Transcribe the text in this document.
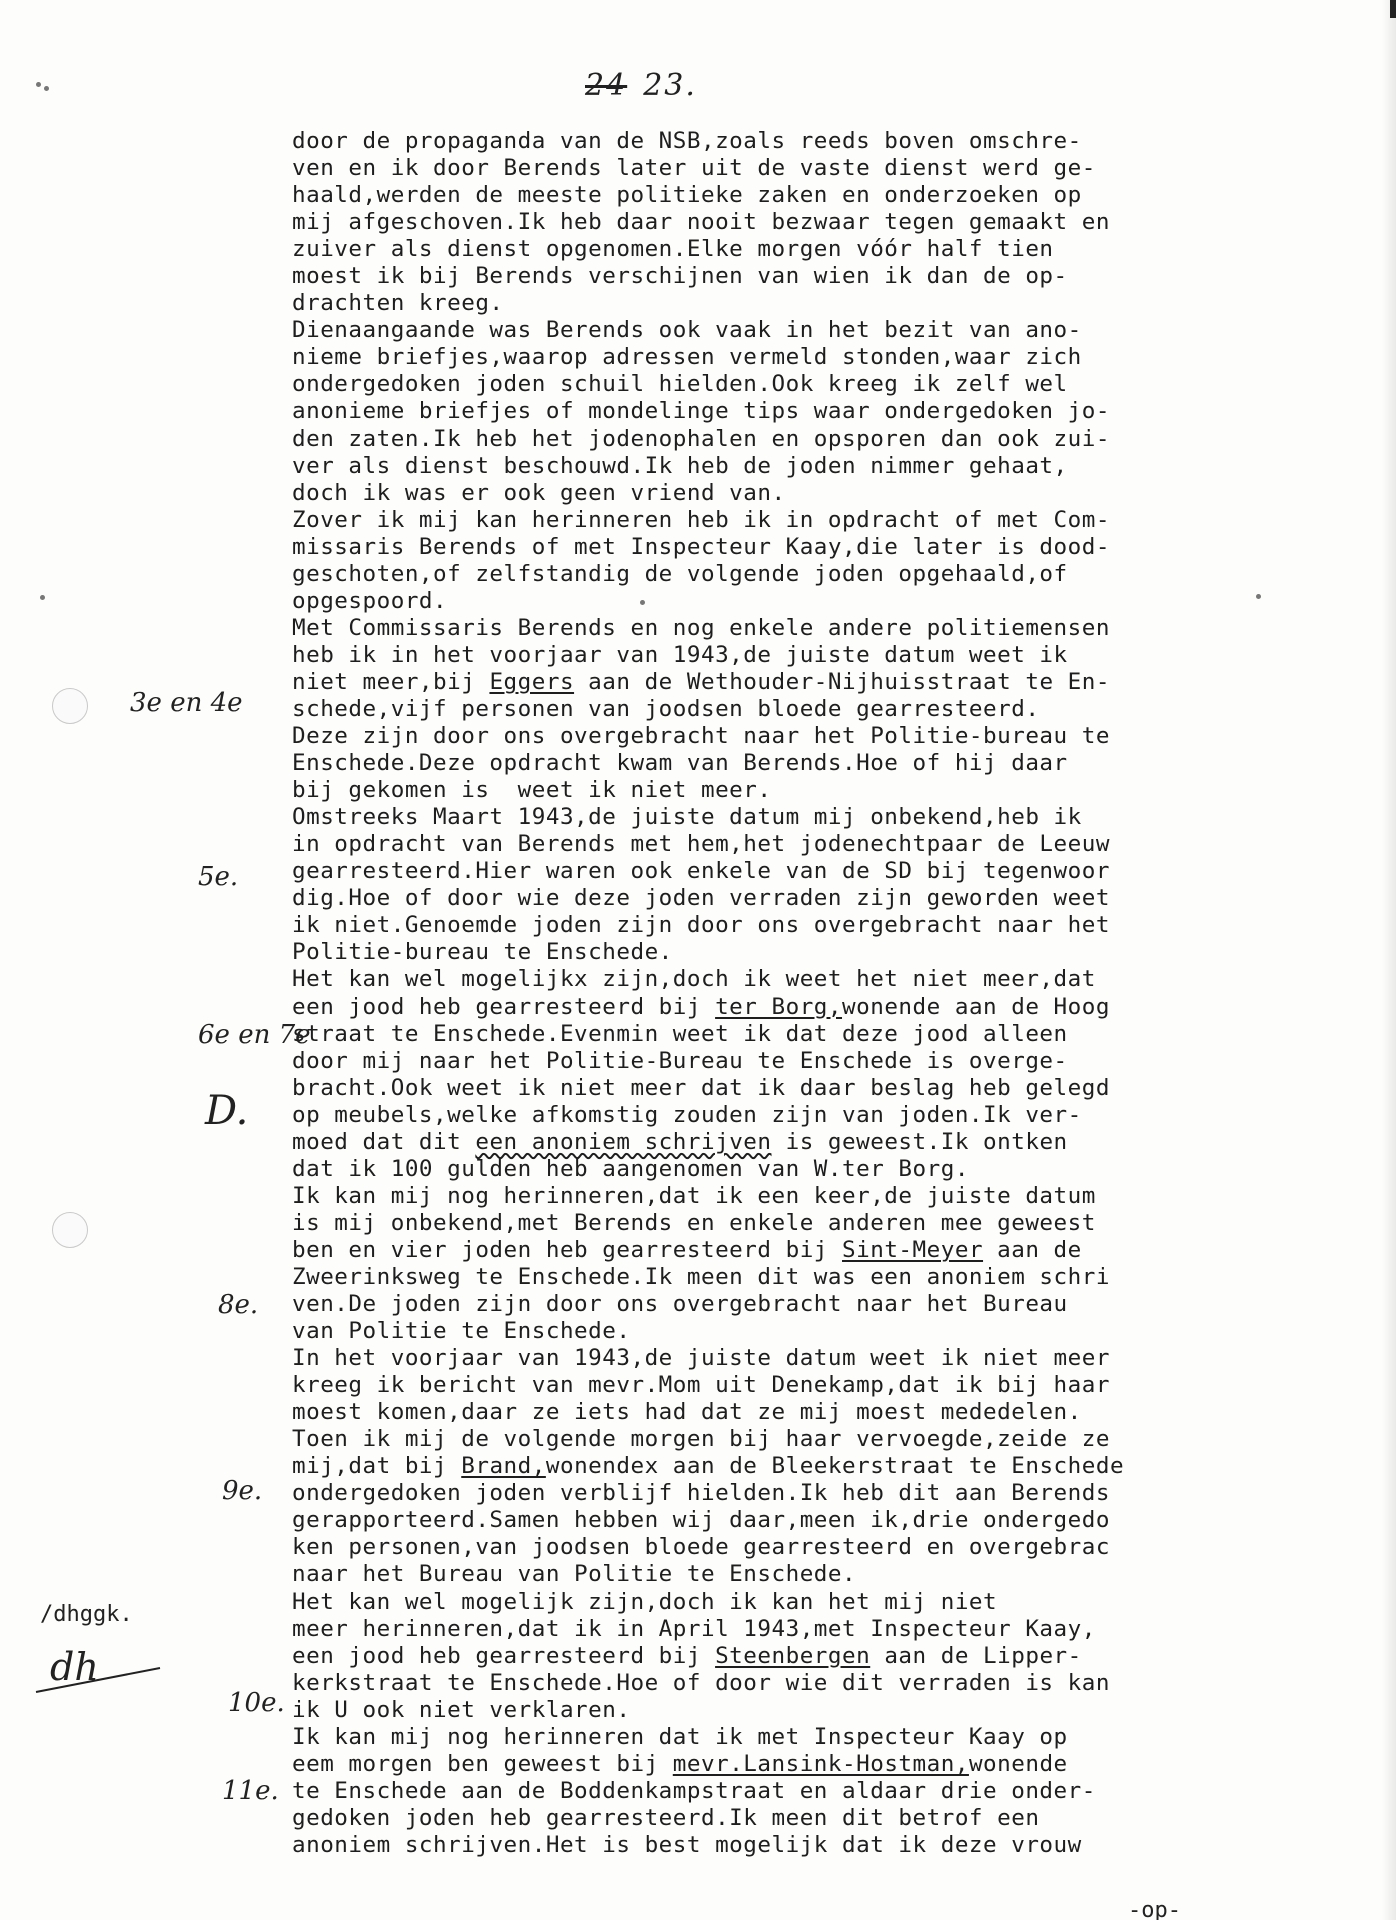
24 23.
door de propaganda van de NSB,zoals reeds boven omschre-
ven en ik door Berends later uit de vaste dienst werd ge-
haald,werden de meeste politieke zaken en onderzoeken op
mij afgeschoven.Ik heb daar nooit bezwaar tegen gemaakt en
zuiver als dienst opgenomen.Elke morgen vóór half tien
moest ik bij Berends verschijnen van wien ik dan de op-
drachten kreeg.
Dienaangaande was Berends ook vaak in het bezit van ano-
nieme briefjes,waarop adressen vermeld stonden,waar zich
ondergedoken joden schuil hielden.Ook kreeg ik zelf wel
anonieme briefjes of mondelinge tips waar ondergedoken jo-
den zaten.Ik heb het jodenophalen en opsporen dan ook zui-
ver als dienst beschouwd.Ik heb de joden nimmer gehaat,
doch ik was er ook geen vriend van.
Zover ik mij kan herinneren heb ik in opdracht of met Com-
missaris Berends of met Inspecteur Kaay,die later is dood-
geschoten,of zelfstandig de volgende joden opgehaald,of
opgespoord.
Met Commissaris Berends en nog enkele andere politiemensen
heb ik in het voorjaar van 1943,de juiste datum weet ik
niet meer,bij Eggers aan de Wethouder-Nijhuisstraat te En-
schede,vijf personen van joodsen bloede gearresteerd.
Deze zijn door ons overgebracht naar het Politie-bureau te
Enschede.Deze opdracht kwam van Berends.Hoe of hij daar
bij gekomen is  weet ik niet meer.
Omstreeks Maart 1943,de juiste datum mij onbekend,heb ik
in opdracht van Berends met hem,het jodenechtpaar de Leeuw
gearresteerd.Hier waren ook enkele van de SD bij tegenwoor
dig.Hoe of door wie deze joden verraden zijn geworden weet
ik niet.Genoemde joden zijn door ons overgebracht naar het
Politie-bureau te Enschede.
Het kan wel mogelijkx zijn,doch ik weet het niet meer,dat
een jood heb gearresteerd bij ter Borg,wonende aan de Hoog
straat te Enschede.Evenmin weet ik dat deze jood alleen
door mij naar het Politie-Bureau te Enschede is overge-
bracht.Ook weet ik niet meer dat ik daar beslag heb gelegd
op meubels,welke afkomstig zouden zijn van joden.Ik ver-
moed dat dit een anoniem schrijven is geweest.Ik ontken
dat ik 100 gulden heb aangenomen van W.ter Borg.
Ik kan mij nog herinneren,dat ik een keer,de juiste datum
is mij onbekend,met Berends en enkele anderen mee geweest
ben en vier joden heb gearresteerd bij Sint-Meyer aan de
Zweerinksweg te Enschede.Ik meen dit was een anoniem schri
ven.De joden zijn door ons overgebracht naar het Bureau
van Politie te Enschede.
In het voorjaar van 1943,de juiste datum weet ik niet meer
kreeg ik bericht van mevr.Mom uit Denekamp,dat ik bij haar
moest komen,daar ze iets had dat ze mij moest mededelen.
Toen ik mij de volgende morgen bij haar vervoegde,zeide ze
mij,dat bij Brand,wonendex aan de Bleekerstraat te Enschede
ondergedoken joden verblijf hielden.Ik heb dit aan Berends
gerapporteerd.Samen hebben wij daar,meen ik,drie ondergedo
ken personen,van joodsen bloede gearresteerd en overgebrac
naar het Bureau van Politie te Enschede.
Het kan wel mogelijk zijn,doch ik kan het mij niet
meer herinneren,dat ik in April 1943,met Inspecteur Kaay,
een jood heb gearresteerd bij Steenbergen aan de Lipper-
kerkstraat te Enschede.Hoe of door wie dit verraden is kan
ik U ook niet verklaren.
Ik kan mij nog herinneren dat ik met Inspecteur Kaay op
eem morgen ben geweest bij mevr.Lansink-Hostman,wonende
te Enschede aan de Boddenkampstraat en aldaar drie onder-
gedoken joden heb gearresteerd.Ik meen dit betrof een
anoniem schrijven.Het is best mogelijk dat ik deze vrouw
3e en 4e
5e.
6e en 7e
D.
8e.
9e.
10e.
11e.
/dhggk.
dh
-op-
